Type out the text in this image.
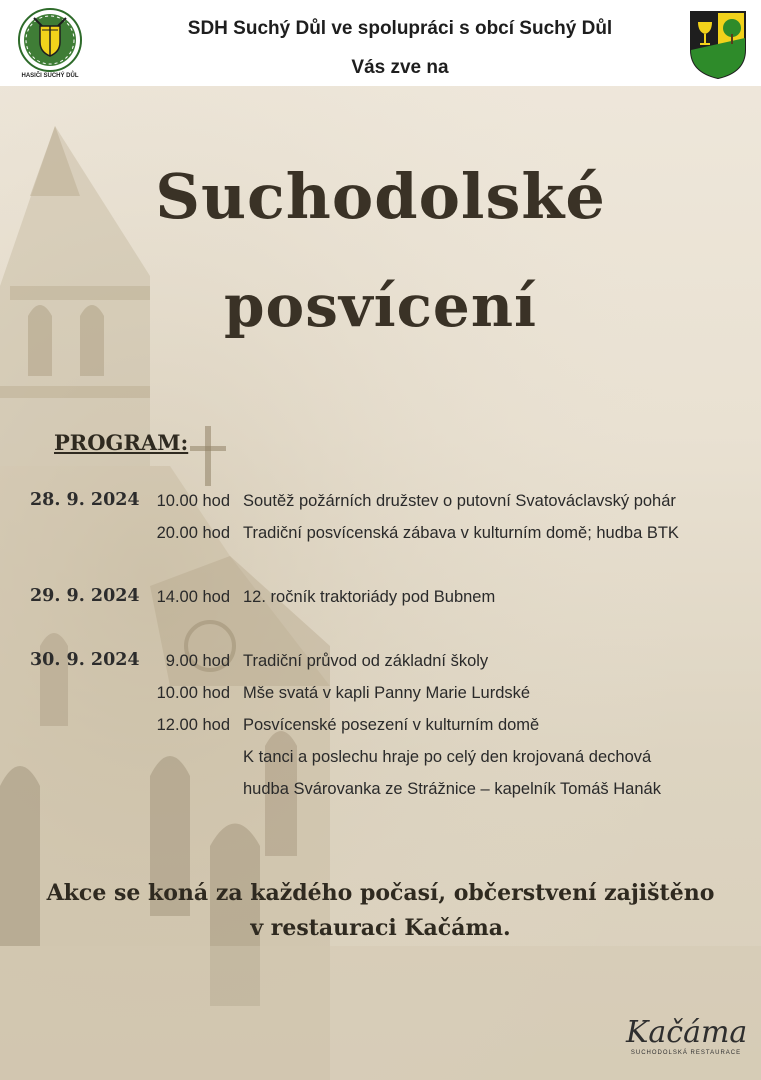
HASIČI SUCHÝ DŮL
SDH Suchý Důl ve spolupráci s obcí Suchý Důl
Vás zve na
Suchodolské
posvícení
PROGRAM:
28. 9. 2024	10.00 hod Soutěž požárních družstev o putovní Svatováclavský pohár
20.00 hod Tradiční posvícenská zábava v kulturním domě; hudba BTK
29. 9. 2024	14.00 hod 12. ročník traktoriády pod Bubnem
30. 9. 2024	9.00 hod Tradiční průvod od základní školy
10.00 hod Mše svatá v kapli Panny Marie Lurdské
12.00 hod Posvícenské posezení v kulturním domě
K tanci a poslechu hraje po celý den krojovaná dechová
hudba Svárovanka ze Strážnice – kapelník Tomáš Hanák
Akce se koná za každého počasí, občerstvení zajištěno
v restauraci Kačáma.
Kačáma
SUCHODOLSKÁ RESTAURACE
